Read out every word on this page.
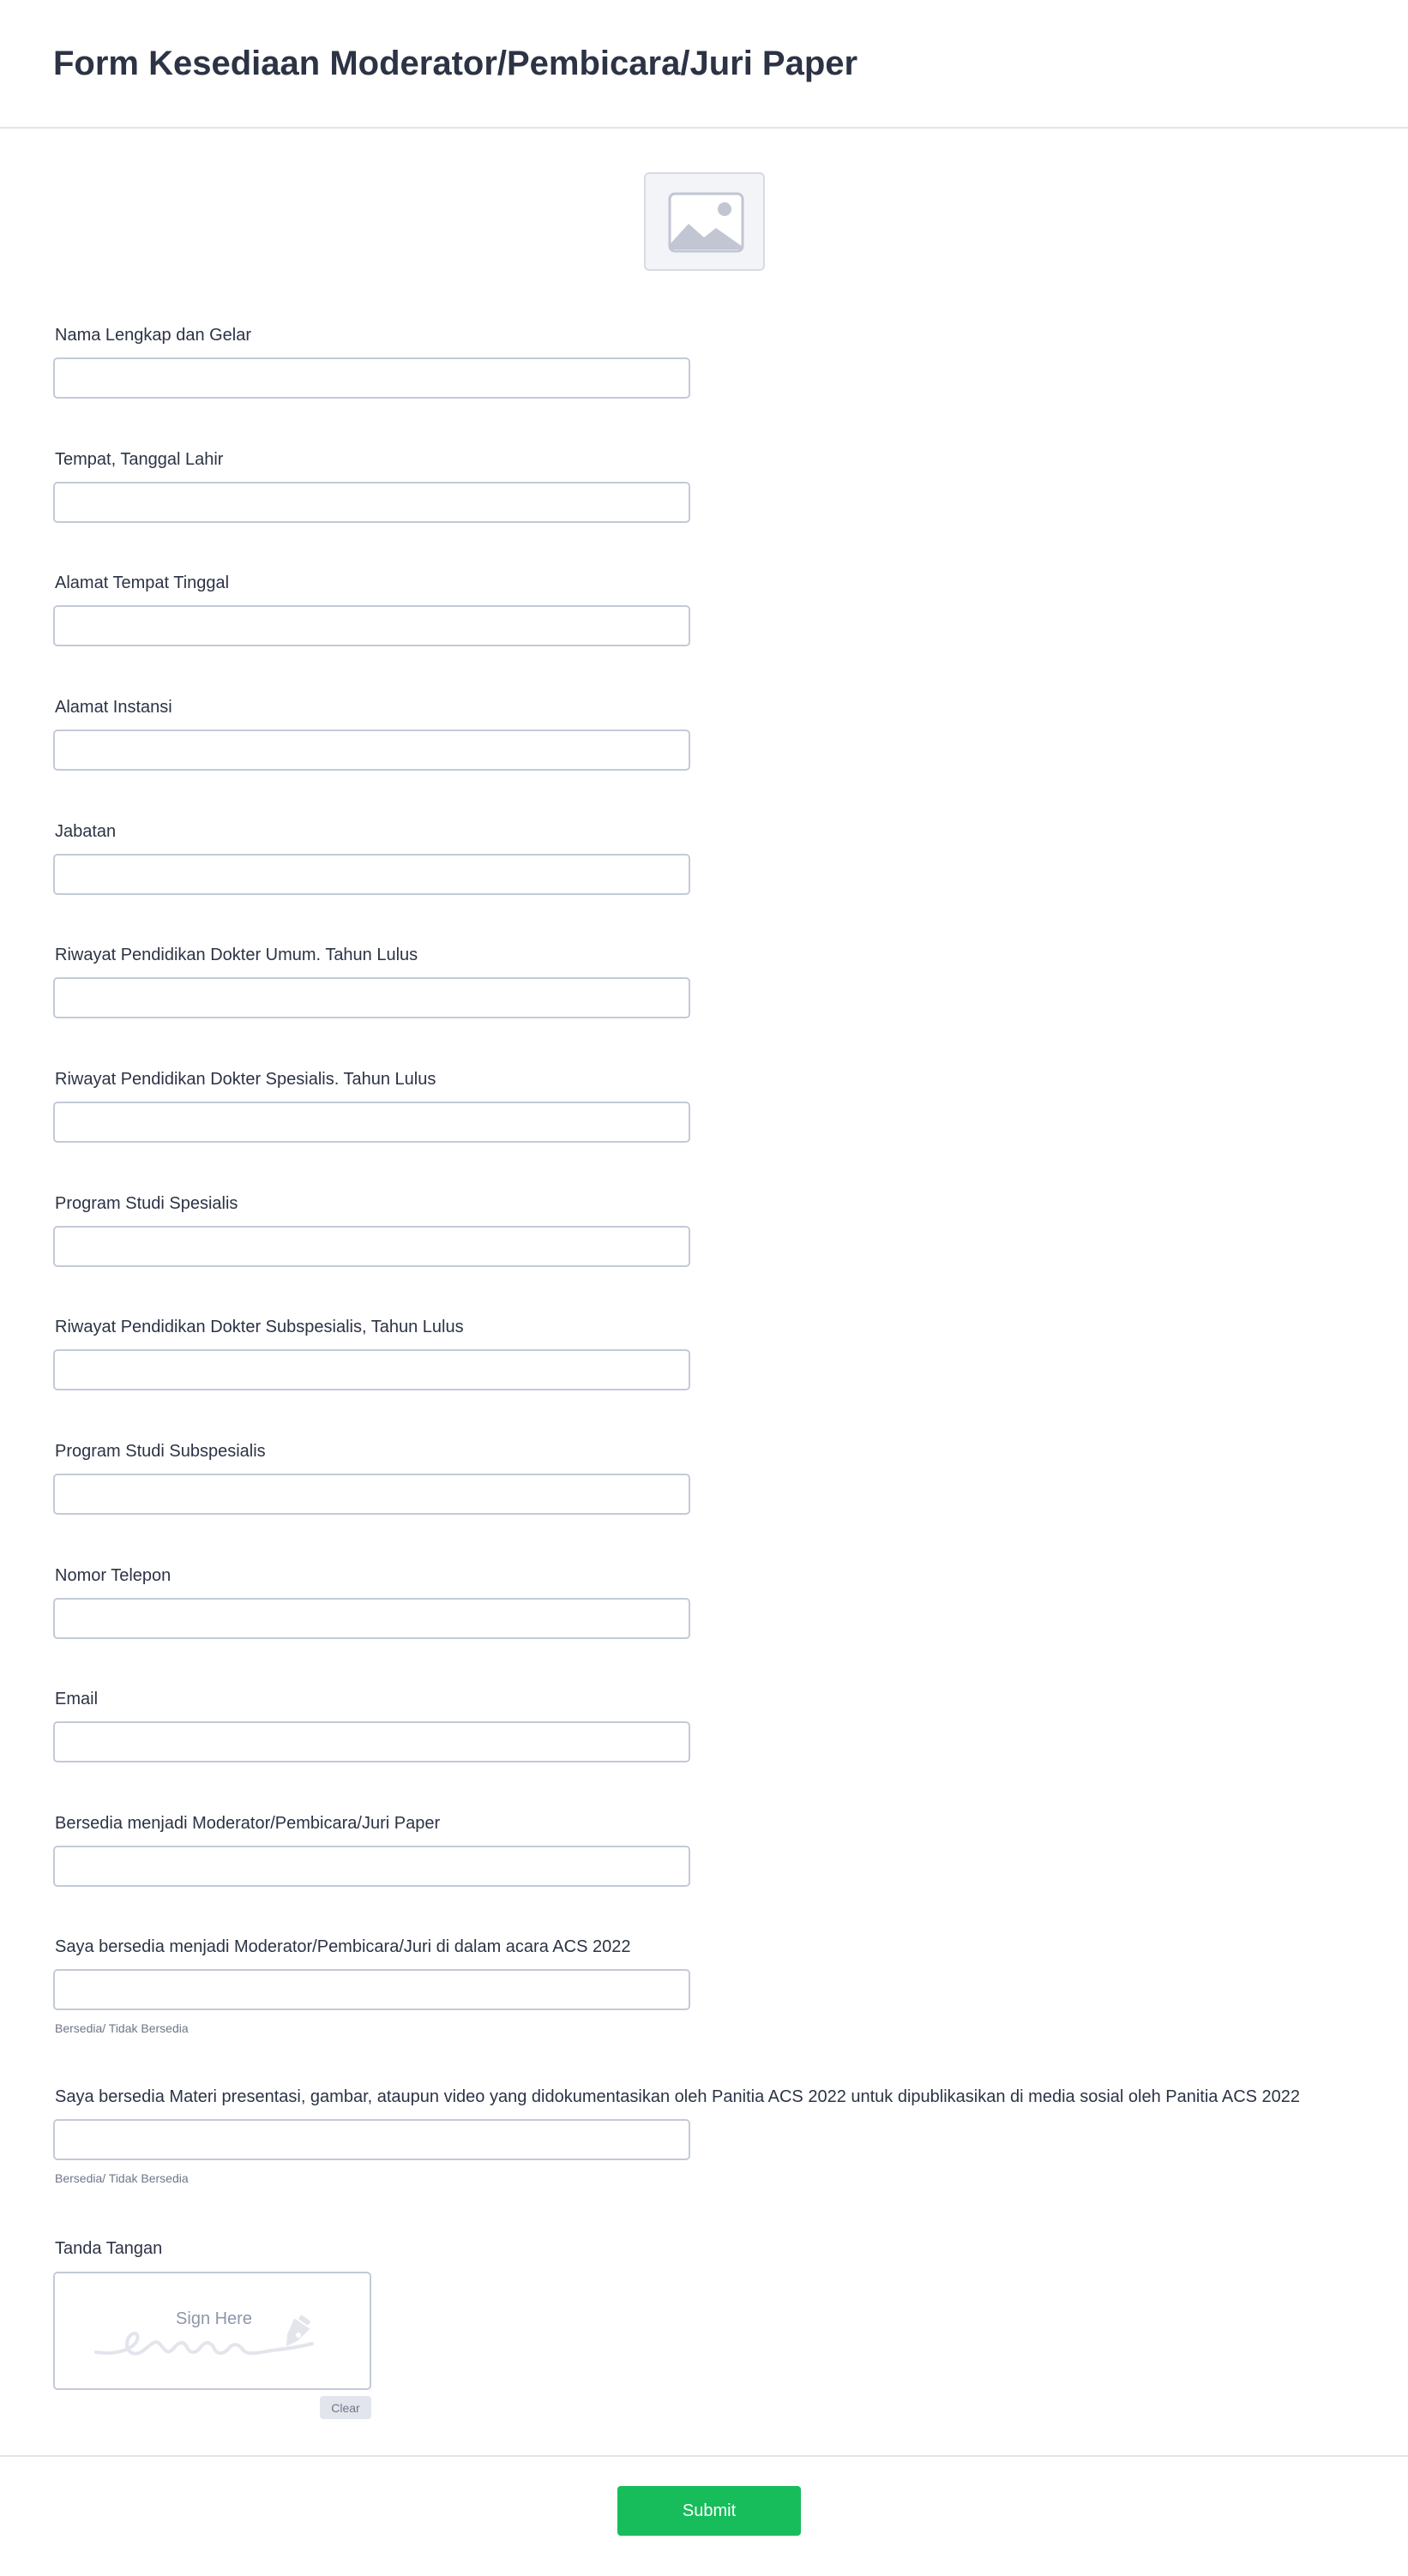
Form Kesediaan Moderator/Pembicara/Juri Paper
Nama Lengkap dan Gelar
Tempat, Tanggal Lahir
Alamat Tempat Tinggal
Alamat Instansi
Jabatan
Riwayat Pendidikan Dokter Umum. Tahun Lulus
Riwayat Pendidikan Dokter Spesialis. Tahun Lulus
Program Studi Spesialis
Riwayat Pendidikan Dokter Subspesialis, Tahun Lulus
Program Studi Subspesialis
Nomor Telepon
Email
Bersedia menjadi Moderator/Pembicara/Juri Paper
Saya bersedia menjadi Moderator/Pembicara/Juri di dalam acara ACS 2022
Bersedia/ Tidak Bersedia
Saya bersedia Materi presentasi, gambar, ataupun video yang didokumentasikan oleh Panitia ACS 2022 untuk dipublikasikan di media sosial oleh Panitia ACS 2022
Bersedia/ Tidak Bersedia
Tanda Tangan
Sign Here
Clear
Submit
